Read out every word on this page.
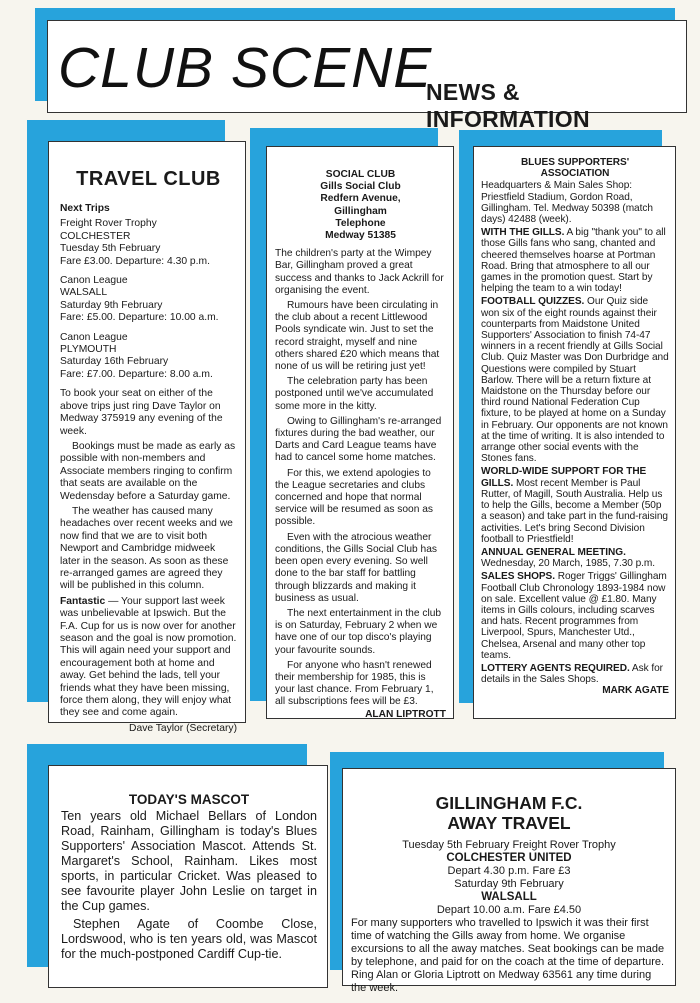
CLUB SCENE
NEWS & INFORMATION
TRAVEL CLUB
Next Trips
Freight Rover Trophy
COLCHESTER
Tuesday 5th February
Fare £3.00. Departure: 4.30 p.m.
Canon League
WALSALL
Saturday 9th February
Fare: £5.00. Departure: 10.00 a.m.
Canon League
PLYMOUTH
Saturday 16th February
Fare: £7.00. Departure: 8.00 a.m.

To book your seat on either of the above trips just ring Dave Taylor on Medway 375919 any evening of the week.

Bookings must be made as early as possible with non-members and Associate members ringing to confirm that seats are available on the Wedensday before a Saturday game.

The weather has caused many headaches over recent weeks and we now find that we are to visit both Newport and Cambridge midweek later in the season. As soon as these re-arranged games are agreed they will be published in this column.

Fantastic — Your support last week was unbelievable at Ipswich. But the F.A. Cup for us is now over for another season and the goal is now promotion. This will again need your support and encouragement both at home and away. Get behind the lads, tell your friends what they have been missing, force them along, they will enjoy what they see and come again.

Dave Taylor (Secretary)
SOCIAL CLUB
Gills Social Club
Redfern Avenue,
Gillingham
Telephone
Medway 51385

The children's party at the Wimpey Bar, Gillingham proved a great success and thanks to Jack Ackrill for organising the event.

Rumours have been circulating in the club about a recent Littlewood Pools syndicate win. Just to set the record straight, myself and nine others shared £20 which means that none of us will be retiring just yet!

The celebration party has been postponed until we've accumulated some more in the kitty.

Owing to Gillingham's re-arranged fixtures during the bad weather, our Darts and Card League teams have had to cancel some home matches.

For this, we extend apologies to the League secretaries and clubs concerned and hope that normal service will be resumed as soon as possible.

Even with the atrocious weather conditions, the Gills Social Club has been open every evening. So well done to the bar staff for battling through blizzards and making it business as usual.

The next entertainment in the club is on Saturday, February 2 when we have one of our top disco's playing your favourite sounds.

For anyone who hasn't renewed their membership for 1985, this is your last chance. From February 1, all subscriptions fees will be £3.

ALAN LIPTROTT
BLUES SUPPORTERS' ASSOCIATION

Headquarters & Main Sales Shop: Priestfield Stadium, Gordon Road, Gillingham. Tel. Medway 50398 (match days) 42488 (week).

WITH THE GILLS. A big "thank you" to all those Gills fans who sang, chanted and cheered themselves hoarse at Portman Road. Bring that atmosphere to all our games in the promotion quest. Start by helping the team to a win today!

FOOTBALL QUIZZES. Our Quiz side won six of the eight rounds against their counterparts from Maidstone United Supporters' Association to finish 74-47 winners in a recent friendly at Gills Social Club. Quiz Master was Don Durbridge and Questions were compiled by Stuart Barlow. There will be a return fixture at Maidstone on the Thursday before our third round National Federation Cup fixture, to be played at home on a Sunday in February. Our opponents are not known at the time of writing. It is also intended to arrange other social events with the Stones fans.

WORLD-WIDE SUPPORT FOR THE GILLS. Most recent Member is Paul Rutter, of Magill, South Australia. Help us to help the Gills, become a Member (50p a season) and take part in the fund-raising activities. Let's bring Second Division football to Priestfield!

ANNUAL GENERAL MEETING. Wednesday, 20 March, 1985, 7.30 p.m.

SALES SHOPS. Roger Triggs' Gillingham Football Club Chronology 1893-1984 now on sale. Excellent value @ £1.80. Many items in Gills colours, including scarves and hats. Recent programmes from Liverpool, Spurs, Manchester Utd., Chelsea, Arsenal and many other top teams.

LOTTERY AGENTS REQUIRED. Ask for details in the Sales Shops.

MARK AGATE
TODAY'S MASCOT

Ten years old Michael Bellars of London Road, Rainham, Gillingham is today's Blues Supporters' Association Mascot. Attends St. Margaret's School, Rainham. Likes most sports, in particular Cricket. Was pleased to see favourite player John Leslie on target in the Cup games.

Stephen Agate of Coombe Close, Lordswood, who is ten years old, was Mascot for the much-postponed Cardiff Cup-tie.

GILLINGHAM F.C.
AWAY TRAVEL
Tuesday 5th February Freight Rover Trophy
COLCHESTER UNITED
Depart 4.30 p.m. Fare £3
Saturday 9th February
WALSALL
Depart 10.00 a.m. Fare £4.50

For many supporters who travelled to Ipswich it was their first time of watching the Gills away from home. We organise excursions to all the away matches. Seat bookings can be made by telephone, and paid for on the coach at the time of departure. Ring Alan or Gloria Liptrott on Medway 63561 any time during the week.
